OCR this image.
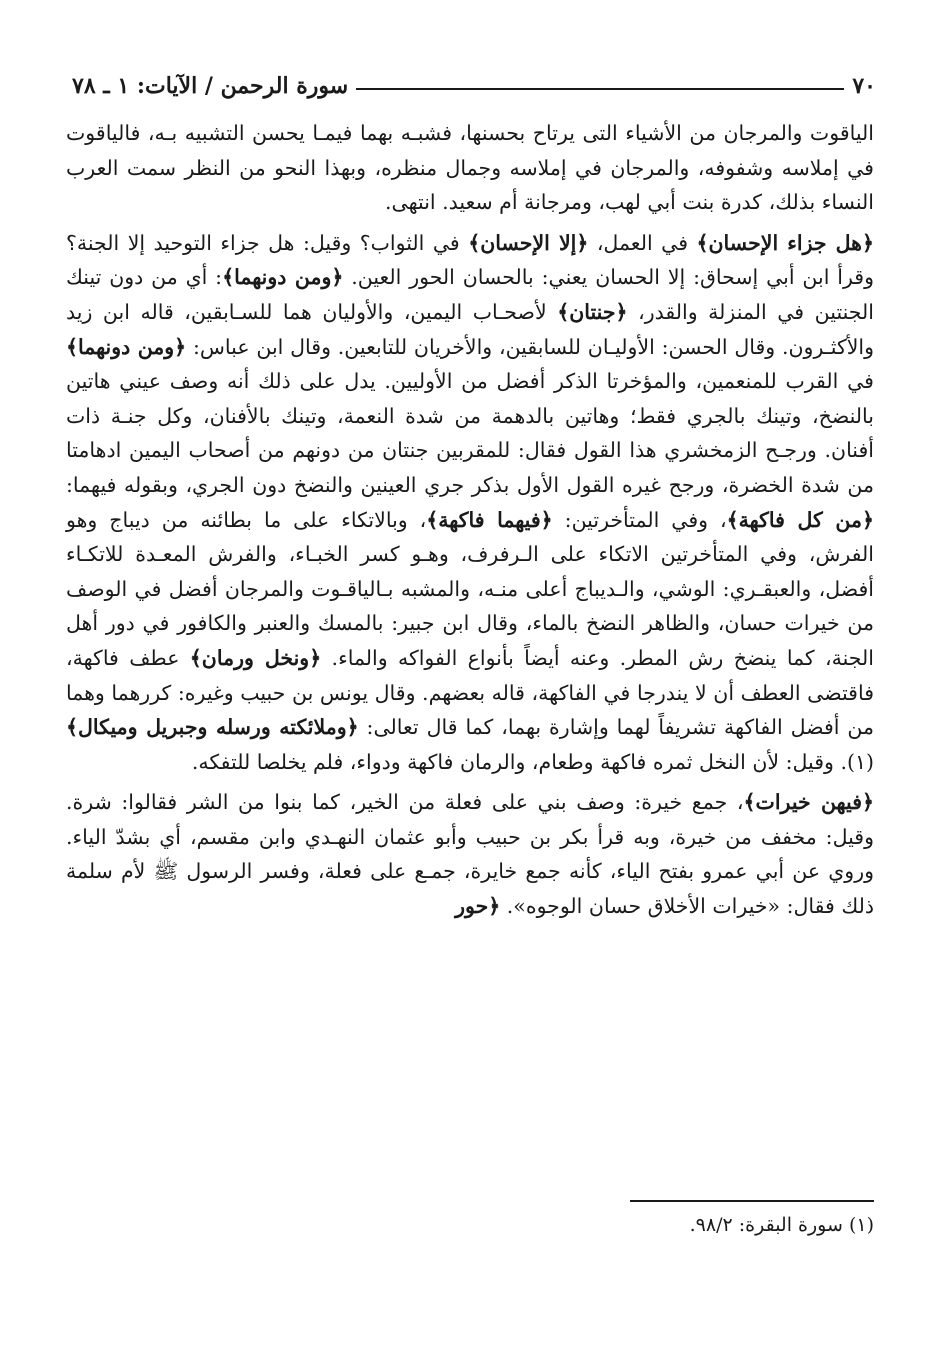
٧٠
سورة الرحمن / الآيات: ١ ـ ٧٨

الياقوت والمرجان من الأشياء التى يرتاح بحسنها، فشبـه بهما فيمـا يحسن التشبيه بـه، فالياقوت في إملاسه وشفوفه، والمرجان في إملاسه وجمال منظره، وبهذا النحو من النظر سمت العرب النساء بذلك، كدرة بنت أبي لهب، ومرجانة أم سعيد. انتهى.

﴿هل جزاء الإحسان﴾ في العمل، ﴿إلا الإحسان﴾ في الثواب؟ وقيل: هل جزاء التوحيد إلا الجنة؟ وقرأ ابن أبي إسحاق: إلا الحسان يعني: بالحسان الحور العين. ﴿ومن دونهما﴾: أي من دون تينك الجنتين في المنزلة والقدر، ﴿جنتان﴾ لأصحـاب اليمين، والأوليان هما للسـابقين، قاله ابن زيد والأكثـرون. وقال الحسن: الأوليـان للسابقين، والأخريان للتابعين. وقال ابن عباس: ﴿ومن دونهما﴾ في القرب للمنعمين، والمؤخرتا الذكر أفضل من الأوليين. يدل على ذلك أنه وصف عيني هاتين بالنضخ، وتينك بالجري فقط؛ وهاتين بالدهمة من شدة النعمة، وتينك بالأفنان، وكل جنـة ذات أفنان. ورجـح الزمخشري هذا القول فقال: للمقربين جنتان من دونهم من أصحاب اليمين ادهامتا من شدة الخضرة، ورجح غيره القول الأول بذكر جري العينين والنضخ دون الجري، وبقوله فيهما: ﴿من كل فاكهة﴾، وفي المتأخرتين: ﴿فيهما فاكهة﴾، وبالاتكاء على ما بطائنه من ديباج وهو الفرش، وفي المتأخرتين الاتكاء على الـرفرف، وهـو كسر الخبـاء، والفرش المعـدة للاتكـاء أفضل، والعبقـري: الوشي، والـديباج أعلى منـه، والمشبه بـالياقـوت والمرجان أفضل في الوصف من خيرات حسان، والظاهر النضخ بالماء، وقال ابن جبير: بالمسك والعنبر والكافور في دور أهل الجنة، كما ينضخ رش المطر. وعنه أيضاً بأنواع الفواكه والماء. ﴿ونخل ورمان﴾ عطف فاكهة، فاقتضى العطف أن لا يندرجا في الفاكهة، قاله بعضهم. وقال يونس بن حبيب وغيره: كررهما وهما من أفضل الفاكهة تشريفاً لهما وإشارة بهما، كما قال تعالى: ﴿وملائكته ورسله وجبريل وميكال﴾(١). وقيل: لأن النخل ثمره فاكهة وطعام، والرمان فاكهة ودواء، فلم يخلصا للتفكه.

﴿فيهن خيرات﴾، جمع خيرة: وصف بني على فعلة من الخير، كما بنوا من الشر فقالوا: شرة. وقيل: مخفف من خيرة، وبه قرأ بكر بن حبيب وأبو عثمان النهـدي وابن مقسم، أي بشدّ الياء. وروي عن أبي عمرو بفتح الياء، كأنه جمع خايرة، جمـع على فعلة، وفسر الرسول ﷺ لأم سلمة ذلك فقال: «خيرات الأخلاق حسان الوجوه». ﴿حور

(١) سورة البقرة: ٩٨/٢.
